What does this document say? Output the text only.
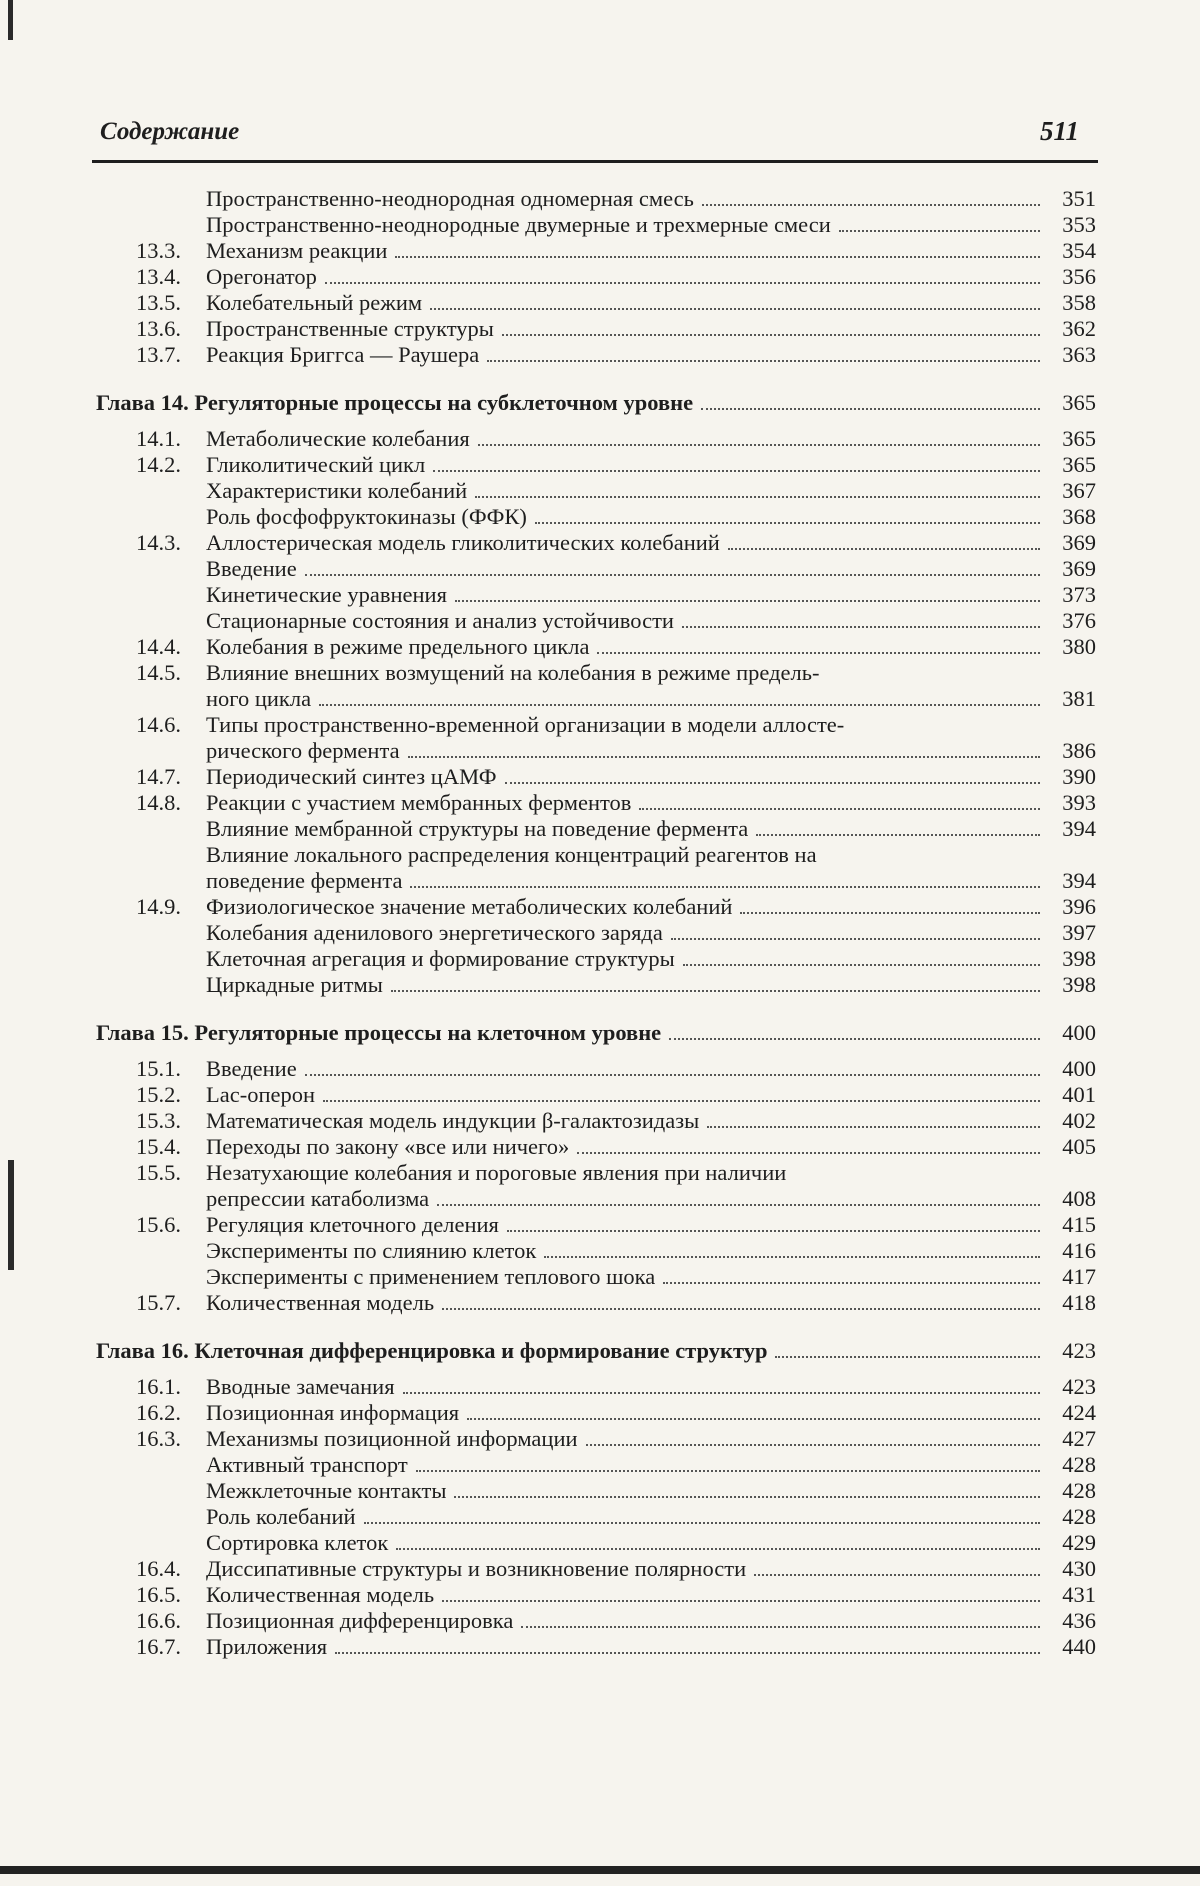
Содержание	511
Пространственно-неоднородная одномерная смесь	351
Пространственно-неоднородные двумерные и трехмерные смеси	353
13.3.	Механизм реакции	354
13.4.	Орегонатор	356
13.5.	Колебательный режим	358
13.6.	Пространственные структуры	362
13.7.	Реакция Бриггса — Раушера	363
Глава 14. Регуляторные процессы на субклеточном уровне	365
14.1.	Метаболические колебания	365
14.2.	Гликолитический цикл	365
Характеристики колебаний	367
Роль фосфофруктокиназы (ФФК)	368
14.3.	Аллостерическая модель гликолитических колебаний	369
Введение	369
Кинетические уравнения	373
Стационарные состояния и анализ устойчивости	376
14.4.	Колебания в режиме предельного цикла	380
14.5.	Влияние внешних возмущений на колебания в режиме предель-
ного цикла	381
14.6.	Типы пространственно-временной организации в модели аллосте-
рического фермента	386
14.7.	Периодический синтез цАМФ	390
14.8.	Реакции с участием мембранных ферментов	393
Влияние мембранной структуры на поведение фермента	394
Влияние локального распределения концентраций реагентов на
поведение фермента	394
14.9.	Физиологическое значение метаболических колебаний	396
Колебания аденилового энергетического заряда	397
Клеточная агрегация и формирование структуры	398
Циркадные ритмы	398
Глава 15. Регуляторные процессы на клеточном уровне	400
15.1.	Введение	400
15.2.	Lac-оперон	401
15.3.	Математическая модель индукции β-галактозидазы	402
15.4.	Переходы по закону «все или ничего»	405
15.5.	Незатухающие колебания и пороговые явления при наличии
репрессии катаболизма	408
15.6.	Регуляция клеточного деления	415
Эксперименты по слиянию клеток	416
Эксперименты с применением теплового шока	417
15.7.	Количественная модель	418
Глава 16. Клеточная дифференцировка и формирование структур	423
16.1.	Вводные замечания	423
16.2.	Позиционная информация	424
16.3.	Механизмы позиционной информации	427
Активный транспорт	428
Межклеточные контакты	428
Роль колебаний	428
Сортировка клеток	429
16.4.	Диссипативные структуры и возникновение полярности	430
16.5.	Количественная модель	431
16.6.	Позиционная дифференцировка	436
16.7.	Приложения	440
